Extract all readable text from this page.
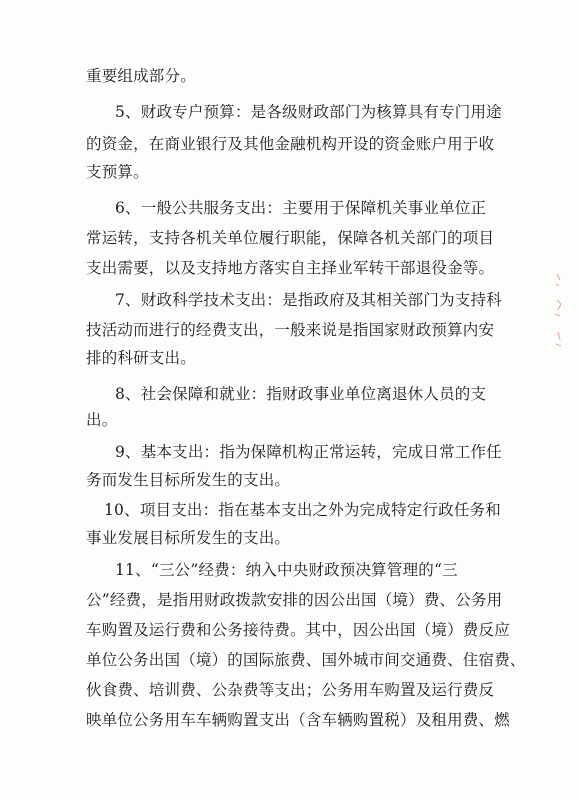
重要组成部分。
5、财政专户预算：是各级财政部门为核算具有专门用途
的资金，在商业银行及其他金融机构开设的资金账户用于收
支预算。
6、一般公共服务支出：主要用于保障机关事业单位正
常运转，支持各机关单位履行职能，保障各机关部门的项目
支出需要，以及支持地方落实自主择业军转干部退役金等。
7、财政科学技术支出：是指政府及其相关部门为支持科
技活动而进行的经费支出，一般来说是指国家财政预算内安
排的科研支出。
8、社会保障和就业：指财政事业单位离退休人员的支
出。
9、基本支出：指为保障机构正常运转，完成日常工作任
务而发生目标所发生的支出。
10、项目支出：指在基本支出之外为完成特定行政任务和
事业发展目标所发生的支出。
11、“三公”经费：纳入中央财政预决算管理的“三
公”经费，是指用财政拨款安排的因公出国（境）费、公务用
车购置及运行费和公务接待费。其中，因公出国（境）费反应
单位公务出国（境）的国际旅费、国外城市间交通费、住宿费、
伙食费、培训费、公杂费等支出；公务用车购置及运行费反
映单位公务用车车辆购置支出（含车辆购置税）及租用费、燃
